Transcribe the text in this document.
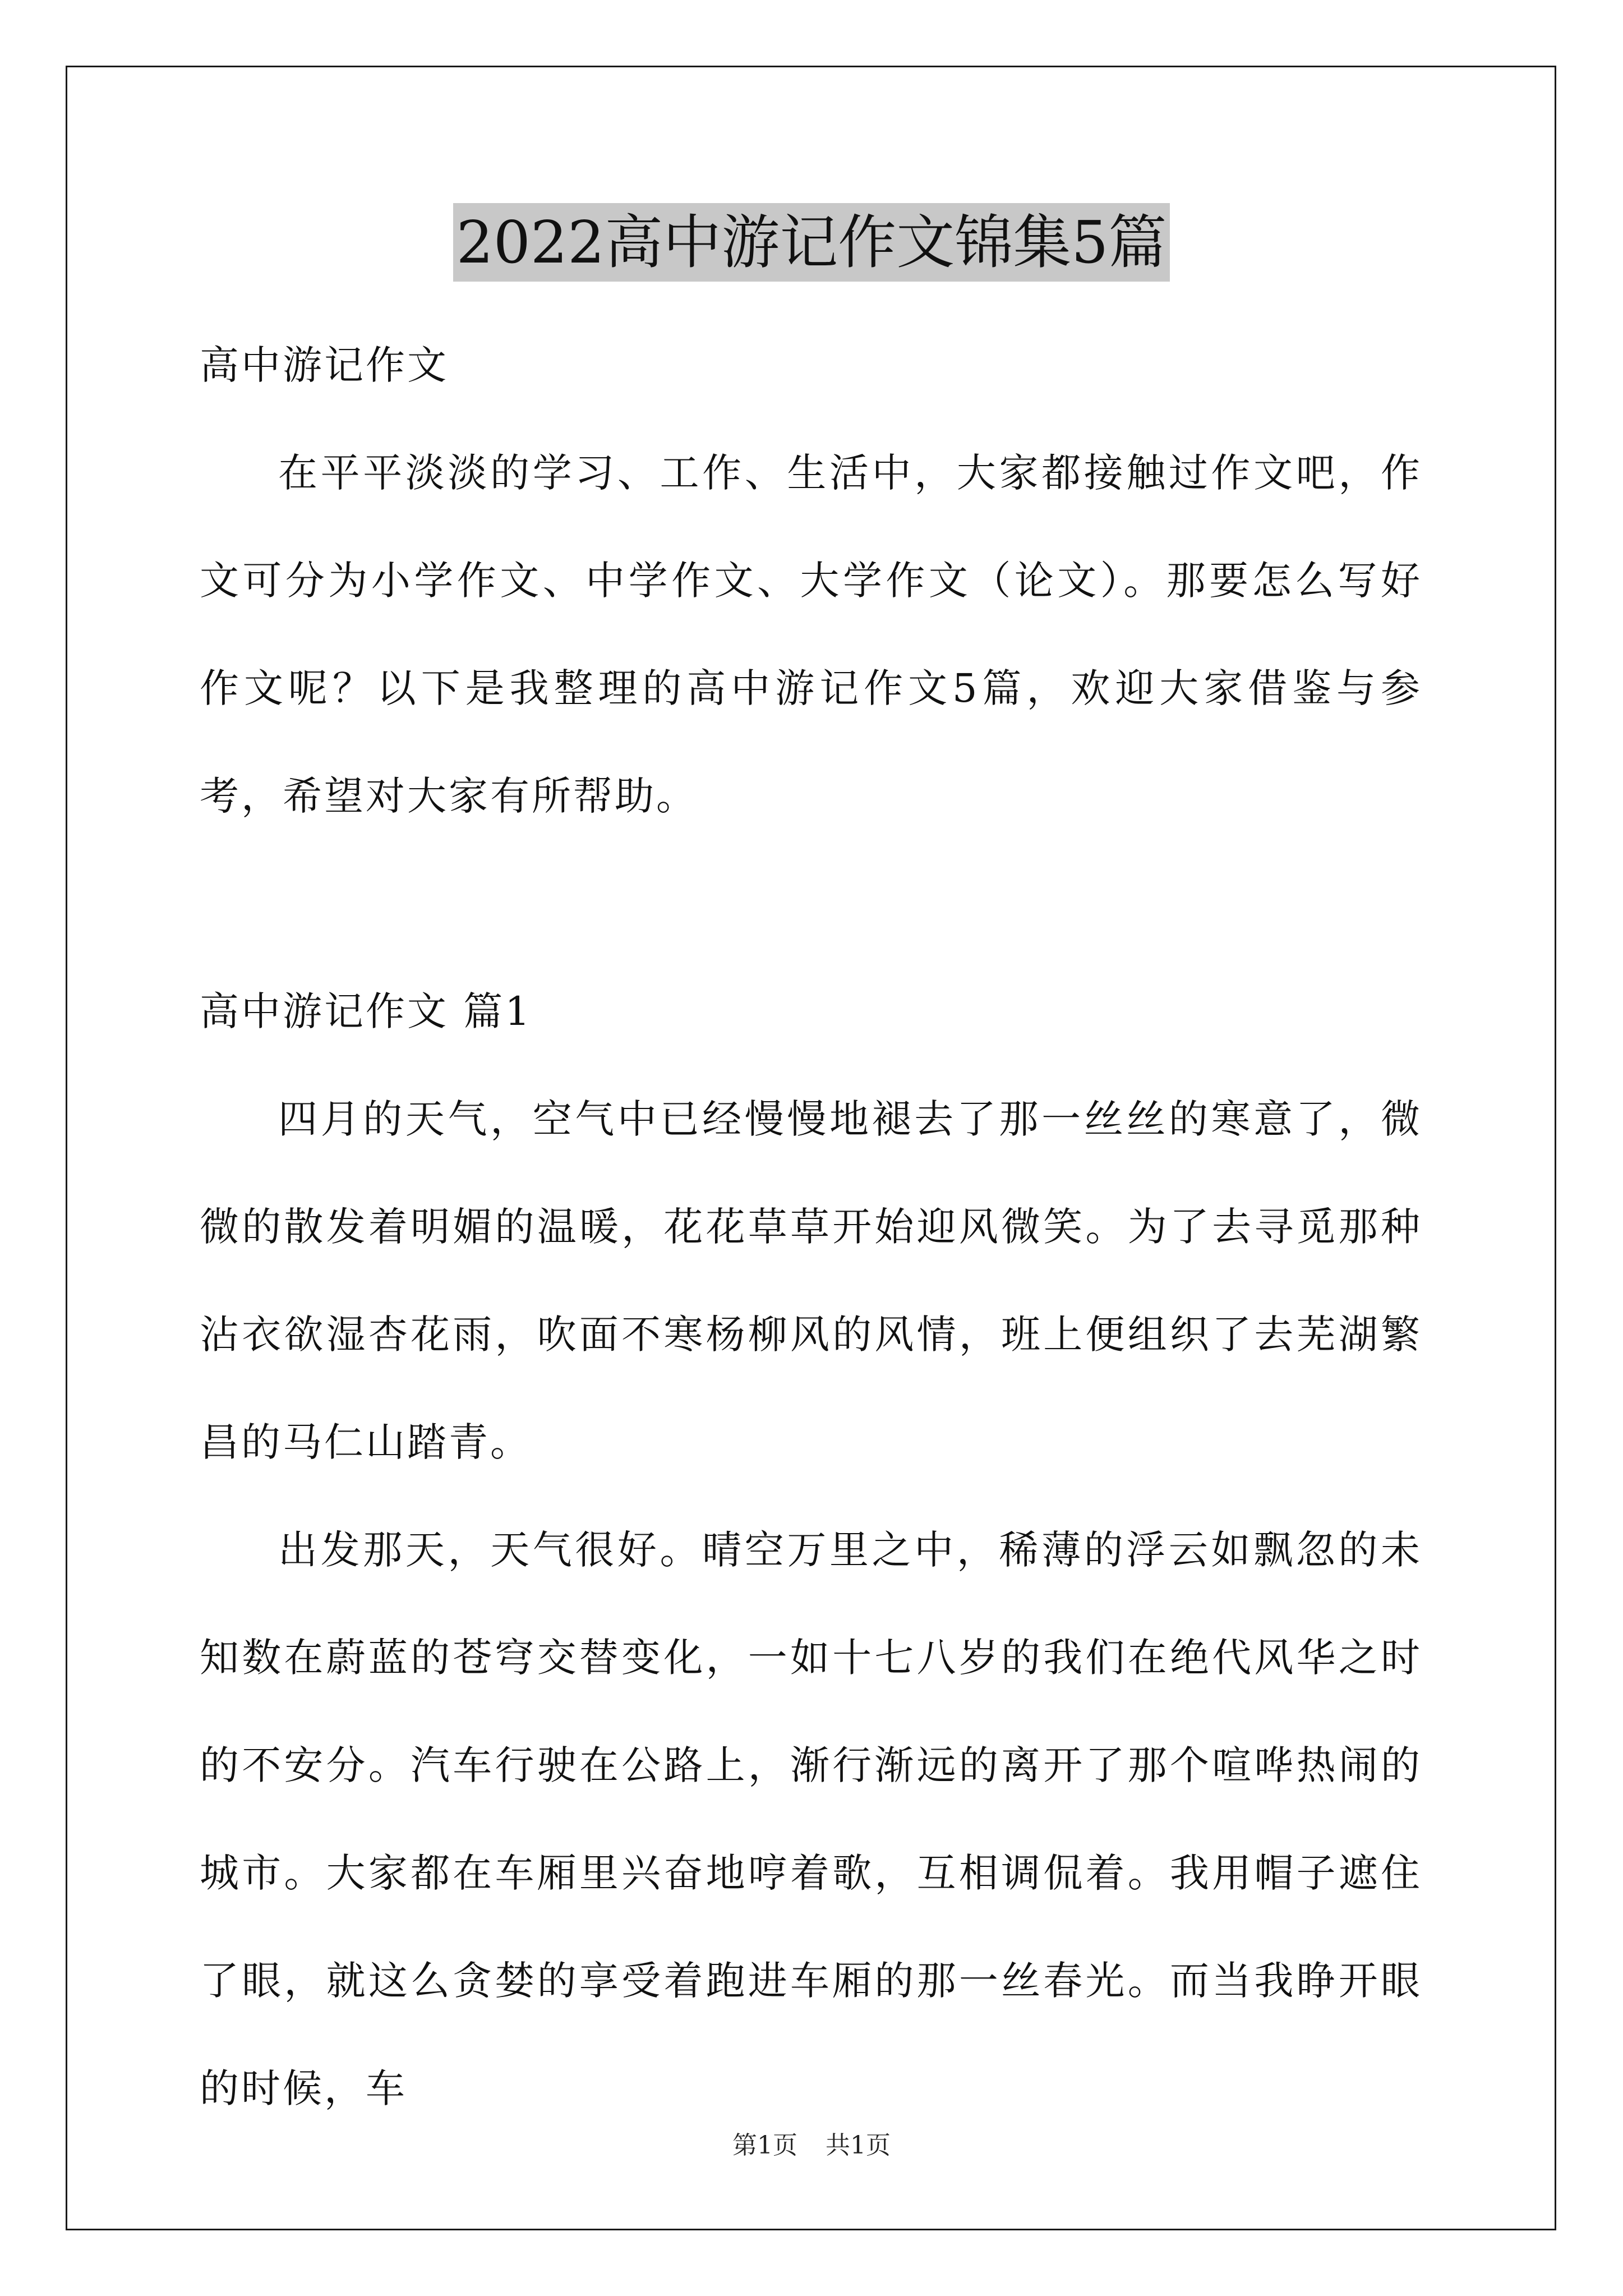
2022高中游记作文锦集5篇

高中游记作文

在平平淡淡的学习、工作、生活中，大家都接触过作文吧，作文可分为小学作文、中学作文、大学作文（论文）。那要怎么写好作文呢？以下是我整理的高中游记作文5篇，欢迎大家借鉴与参考，希望对大家有所帮助。

高中游记作文 篇1

四月的天气，空气中已经慢慢地褪去了那一丝丝的寒意了，微微的散发着明媚的温暖，花花草草开始迎风微笑。为了去寻觅那种沾衣欲湿杏花雨，吹面不寒杨柳风的风情，班上便组织了去芜湖繁昌的马仁山踏青。

出发那天，天气很好。晴空万里之中，稀薄的浮云如飘忽的未知数在蔚蓝的苍穹交替变化，一如十七八岁的我们在绝代风华之时的不安分。汽车行驶在公路上，渐行渐远的离开了那个喧哗热闹的城市。大家都在车厢里兴奋地哼着歌，互相调侃着。我用帽子遮住了眼，就这么贪婪的享受着跑进车厢的那一丝春光。而当我睁开眼的时候，车

第1页 共1页
